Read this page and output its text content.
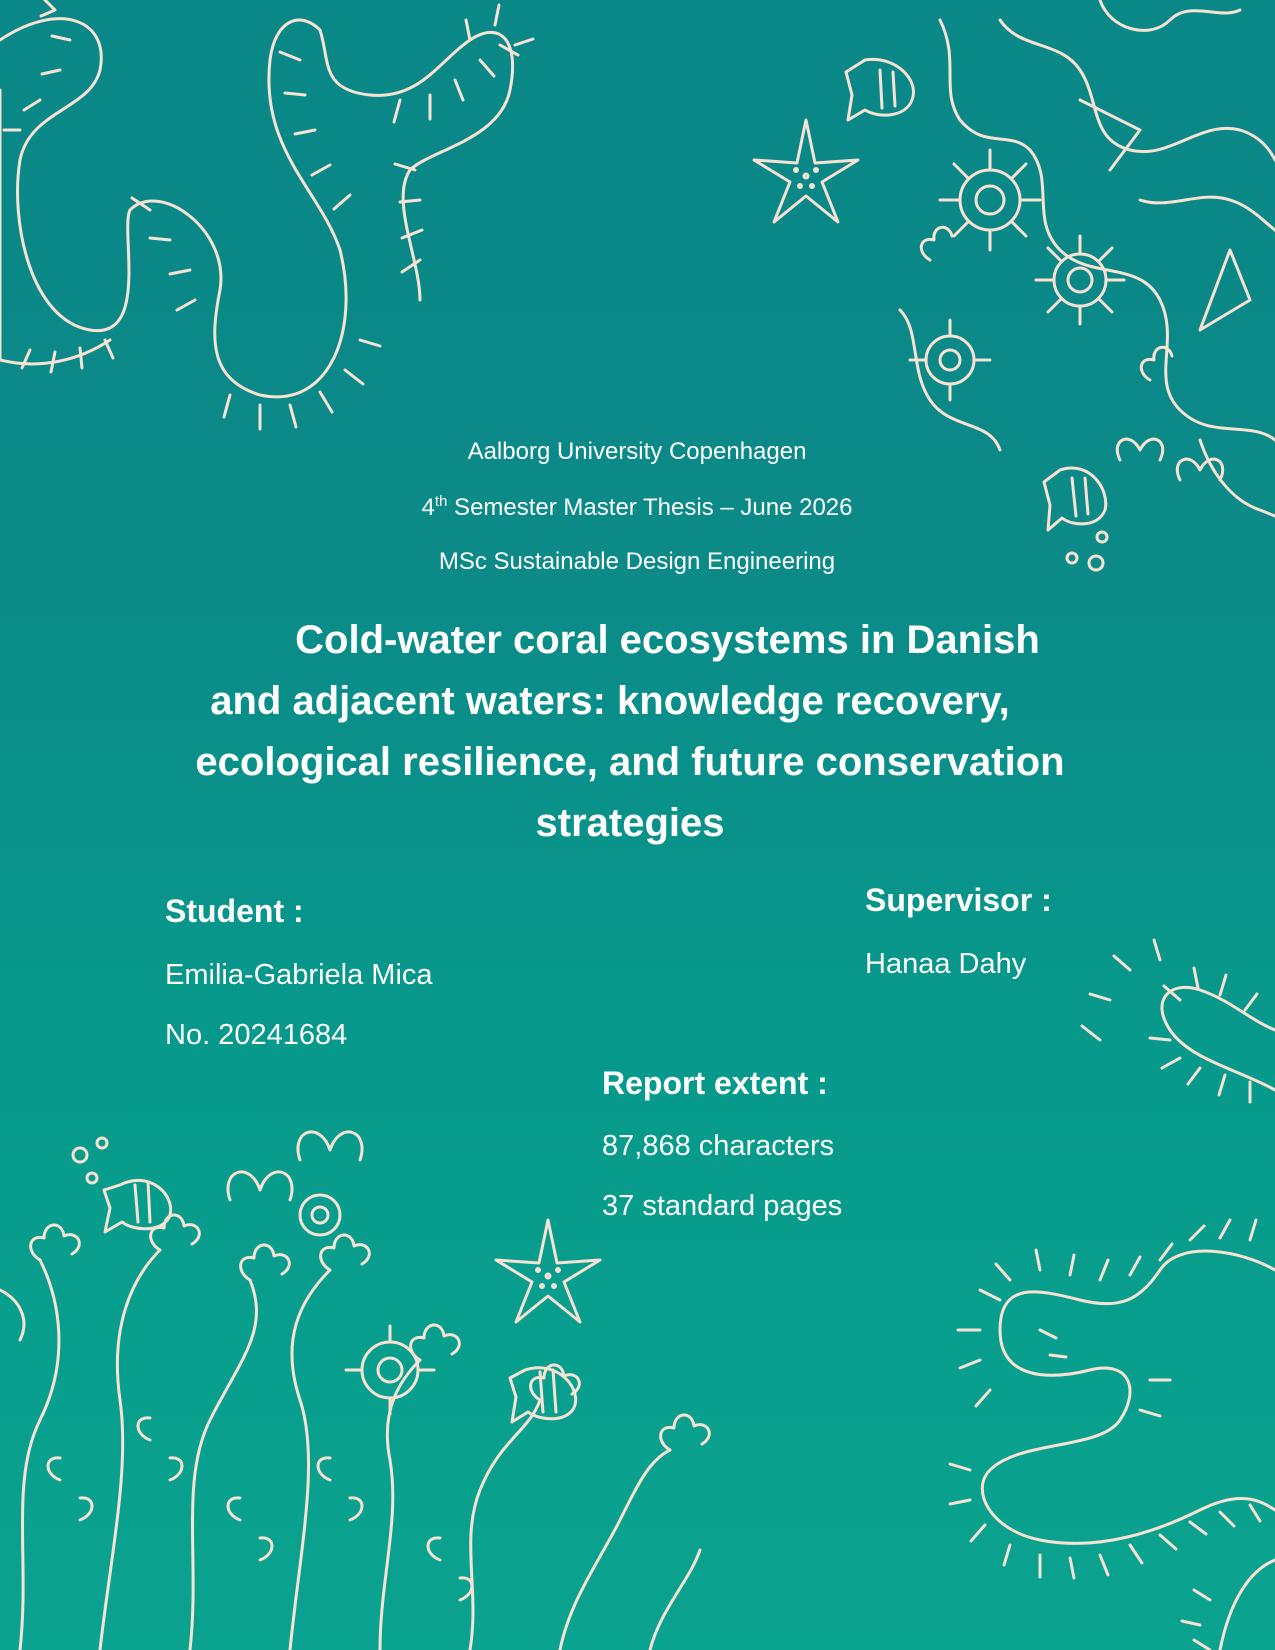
Aalborg University Copenhagen
4th Semester Master Thesis – June 2026
MSc Sustainable Design Engineering
Cold-water coral ecosystems in Danish
and adjacent waters: knowledge recovery,
ecological resilience, and future conservation
strategies
Student :
Emilia-Gabriela Mica
No. 20241684
Supervisor :
Hanaa Dahy
Report extent :
87,868 characters
37 standard pages
